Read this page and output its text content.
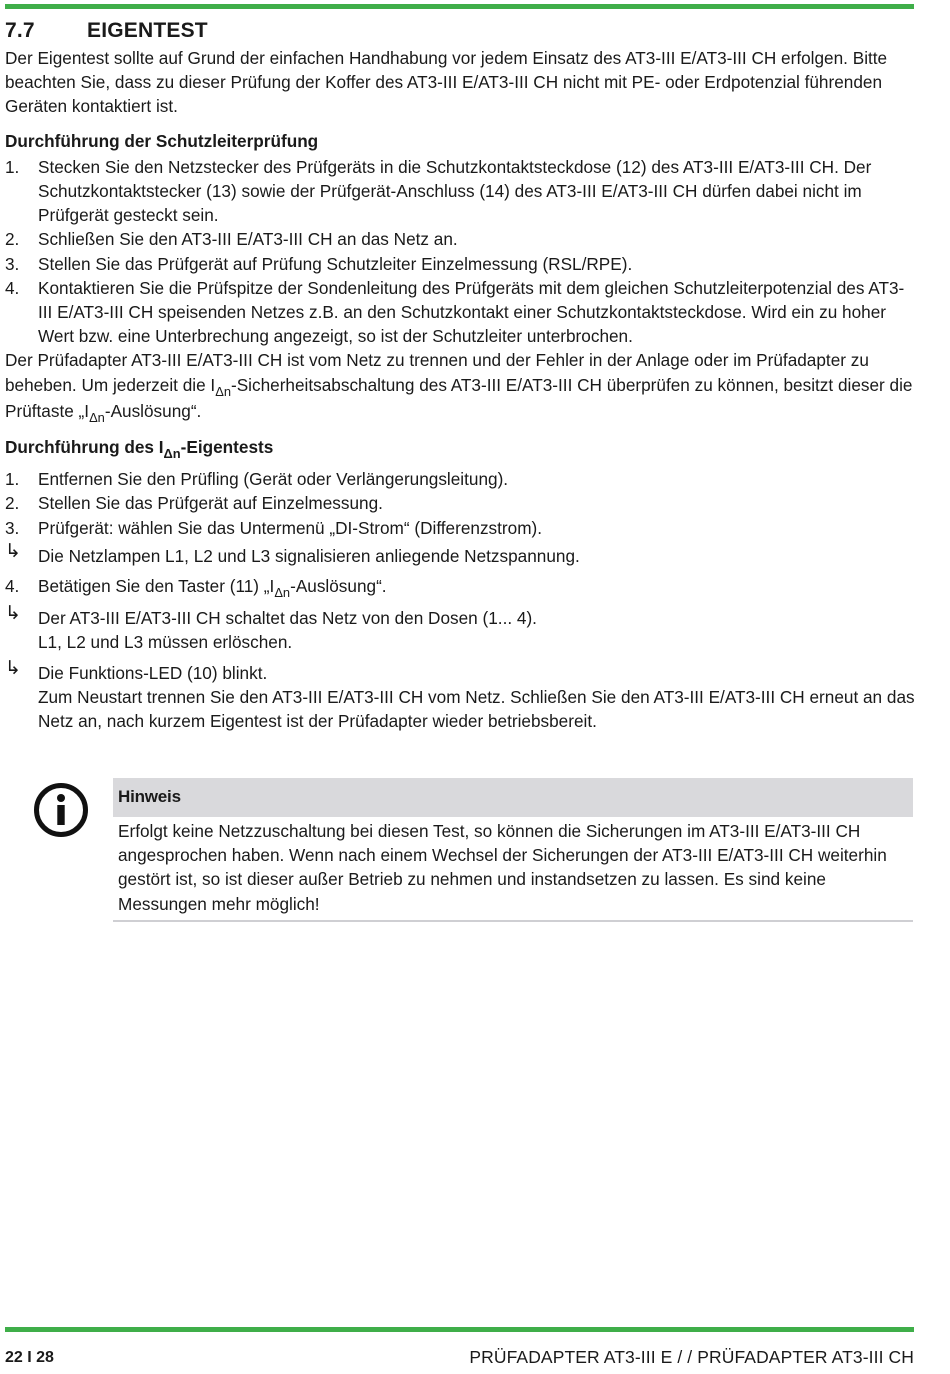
7.7	EIGENTEST

Der Eigentest sollte auf Grund der einfachen Handhabung vor jedem Einsatz des AT3-III E/AT3-III CH erfolgen. Bitte beachten Sie, dass zu dieser Prüfung der Koffer des AT3-III E/AT3-III CH nicht mit PE- oder Erdpotenzial führenden Geräten kontaktiert ist.

Durchführung der Schutzleiterprüfung
1.	Stecken Sie den Netzstecker des Prüfgeräts in die Schutzkontaktsteckdose (12) des AT3-III E/AT3-III CH. Der Schutzkontaktstecker (13) sowie der Prüfgerät-Anschluss (14) des AT3-III E/AT3-III CH dürfen dabei nicht im Prüfgerät gesteckt sein.
2.	Schließen Sie den AT3-III E/AT3-III CH an das Netz an.
3.	Stellen Sie das Prüfgerät auf Prüfung Schutzleiter Einzelmessung (RSL/RPE).
4.	Kontaktieren Sie die Prüfspitze der Sondenleitung des Prüfgeräts mit dem gleichen Schutzleiterpotenzial des AT3-III E/AT3-III CH speisenden Netzes z.B. an den Schutzkontakt einer Schutzkontaktsteckdose. Wird ein zu hoher Wert bzw. eine Unterbrechung angezeigt, so ist der Schutzleiter unterbrochen.

Der Prüfadapter AT3-III E/AT3-III CH ist vom Netz zu trennen und der Fehler in der Anlage oder im Prüfadapter zu beheben. Um jederzeit die $I_{\Delta n}$-Sicherheitsabschaltung des AT3-III E/AT3-III CH überprüfen zu können, besitzt dieser die Prüftaste $„I_{\Delta n}-Auslösung“$.

Durchführung des $I_{\Delta n}$-Eigentests
1.	Entfernen Sie den Prüfling (Gerät oder Verlängerungsleitung).
2.	Stellen Sie das Prüfgerät auf Einzelmessung.
3.	Prüfgerät: wählen Sie das Untermenü „DI-Strom“ (Differenzstrom).
↳ Die Netzlampen L1, L2 und L3 signalisieren anliegende Netzspannung.
4.	Betätigen Sie den Taster (11) $„I_{\Delta n}-Auslösung“$.
↳ Der AT3-III E/AT3-III CH schaltet das Netz von den Dosen (1... 4).
L1, L2 und L3 müssen erlöschen.
↳ Die Funktions-LED (10) blinkt.
Zum Neustart trennen Sie den AT3-III E/AT3-III CH vom Netz. Schließen Sie den AT3-III E/AT3-III CH erneut an das Netz an, nach kurzem Eigentest ist der Prüfadapter wieder betriebsbereit.
Hinweis
Erfolgt keine Netzzuschaltung bei diesen Test, so können die Sicherungen im AT3-III E/AT3-III CH angesprochen haben. Wenn nach einem Wechsel der Sicherungen der AT3-III E/AT3-III CH weiterhin gestört ist, so ist dieser außer Betrieb zu nehmen und instandsetzen zu lassen. Es sind keine Messungen mehr möglich!
22 I 28	PRÜFADAPTER AT3-III E / / PRÜFADAPTER AT3-III CH
